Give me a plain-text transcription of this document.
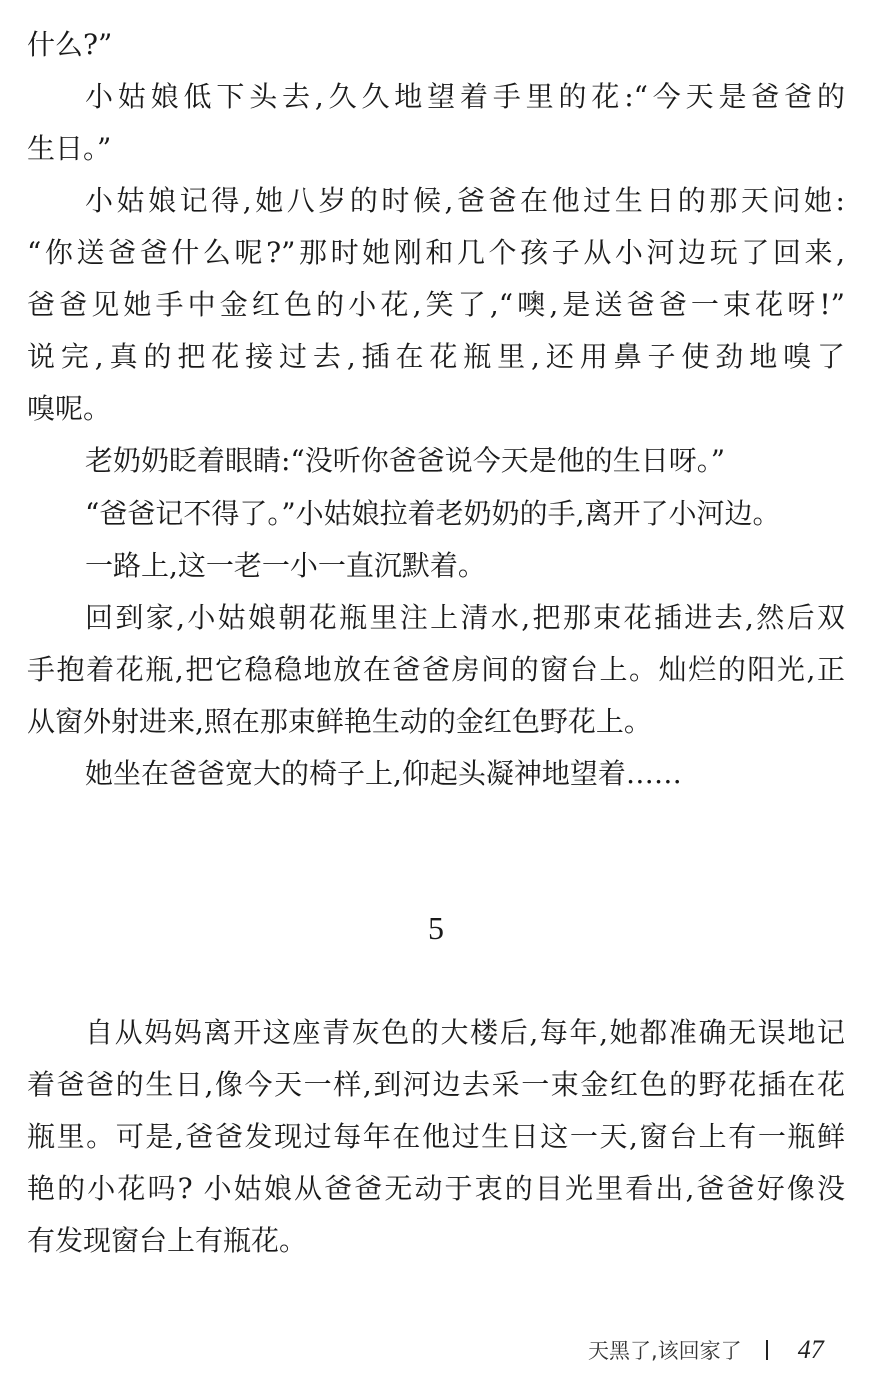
什么?”
小姑娘低下头去,久久地望着手里的花:“今天是爸爸的
生日。”
小姑娘记得,她八岁的时候,爸爸在他过生日的那天问她:
“你送爸爸什么呢?”那时她刚和几个孩子从小河边玩了回来,
爸爸见她手中金红色的小花,笑了,“噢,是送爸爸一束花呀!”
说完,真的把花接过去,插在花瓶里,还用鼻子使劲地嗅了
嗅呢。
老奶奶眨着眼睛:“没听你爸爸说今天是他的生日呀。”
“爸爸记不得了。”小姑娘拉着老奶奶的手,离开了小河边。
一路上,这一老一小一直沉默着。
回到家,小姑娘朝花瓶里注上清水,把那束花插进去,然后双
手抱着花瓶,把它稳稳地放在爸爸房间的窗台上。灿烂的阳光,正
从窗外射进来,照在那束鲜艳生动的金红色野花上。
她坐在爸爸宽大的椅子上,仰起头凝神地望着……
5
自从妈妈离开这座青灰色的大楼后,每年,她都准确无误地记
着爸爸的生日,像今天一样,到河边去采一束金红色的野花插在花
瓶里。可是,爸爸发现过每年在他过生日这一天,窗台上有一瓶鲜
艳的小花吗? 小姑娘从爸爸无动于衷的目光里看出,爸爸好像没
有发现窗台上有瓶花。
天黑了,该回家了 47
